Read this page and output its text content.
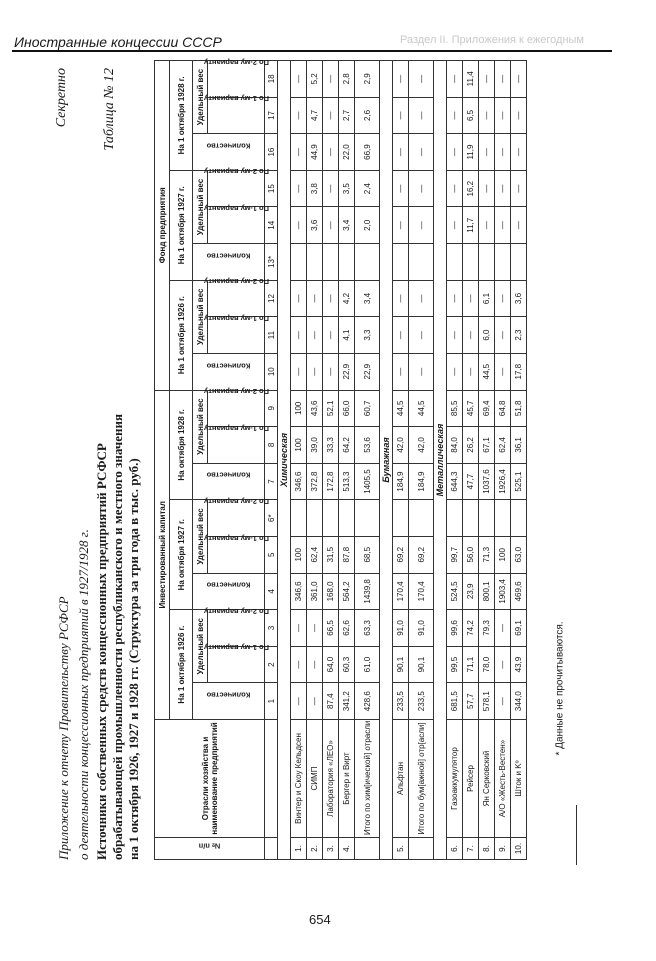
Иностранные концессии СССР	Раздел II. Приложения к ежегодным
Секретно Таблица № 12
Приложение к отчету Правительству РСФСР о деятельности концессионных предприятий в 1927/1928 г. Источники собственных средств концессионных предприятий РСФСР обрабатывающей промышленности республиканского и местного значения на 1 октября 1926, 1927 и 1928 гг. (Структура за три года в тыс. руб.)	№ п/п	Отрасли хозяйства и наименование предприятий	Инвестированный капитал									Фонд предприятия								
		На 1 октября 1926 г.			На октября 1927 г.			На октября 1928 г.			На 1 октября 1926 г.			На 1 октября 1927 г.			На 1 октября 1928 г.		
		Количество	Удельный вес		Количество	Удельный вес		Количество	Удельный вес		Количество	Удельный вес		Количество	Удельный вес		Количество	Удельный вес	
			По 1-му варианту	По 2-му варианту		По 1-му варианту	По 2-му варианту		По 1-му варианту	По 2-му варианту		По 1-му варианту	По 2-му варианту		По 1-му варианту	По 2-му варианту		По 1-му варианту	По 2-му варианту
		1	2	3	4	5	6*	7	8	9	10	11	12	13*	14	15	16	17	18
Химическая																			
1.	Винтер и Скоу Кельдсен	—	—	—	346,6	100		346,6	100	100	—	—	—		—	—	—	—	—
2.	СИМП	—	—	—	361,0	62,4		372,8	39,0	43,6	—	—	—		3,6	3,8	44,9	4,7	5,2
3.	Лаборатория «ЛЕО»	87,4	64,0	66,5	168,0	31,5		172,8	33,3	52,1	—	—	—		—	—	—	—	—
4.	Бергер и Вирт	341,2	60,3	62,6	564,2	87,8		513,3	64,2	66,0	22,9	4,1	4,2		3,4	3,5	22,0	2,7	2,8
	Итого по хим[ической] отрасли	428,6	61,0	63,3	1439,8	68,5		1405,5	53,6	60,7	22,9	3,3	3,4		2,0	2,4	66,9	2,6	2,9
Бумажная																			
5.	Альфтан	233,5	90,1	91,0	170,4	69,2		184,9	42,0	44,5	—	—	—		—	—	—	—	—
	Итого по бум[ажной] отр[асли]	233,5	90,1	91,0	170,4	69,2		184,9	42,0	44,5	—	—	—		—	—	—	—	—
Металлическая																			
6.	Газоаккумулятор	681,5	99,5	99,6	524,5	99,7		644,3	84,0	85,5	—	—	—		—	—	—	—	—
7.	Рейсер	57,7	71,1	74,2	23,9	56,0		47,7	26,2	45,7	—	—	—		11,7	16,2	11,9	6,5	11,4
8.	Ян Серковский	578,1	78,0	79,3	800,1	71,3		1037,6	67,1	69,4	44,5	6,0	6,1		—	—	—	—	—
9.	А/О «Жесть-Вестен»	—	—	—	1903,4	100		1926,4	62,4	64,8	—	—	—		—	—	—	—	—
10.	Шток и Kº	344,0	43,9	69,1	469,6	63,0		525,1	36,1	51,8	17,8	2,3	3,6		—	—	—	—	—
654
* Данные не прочитываются.
